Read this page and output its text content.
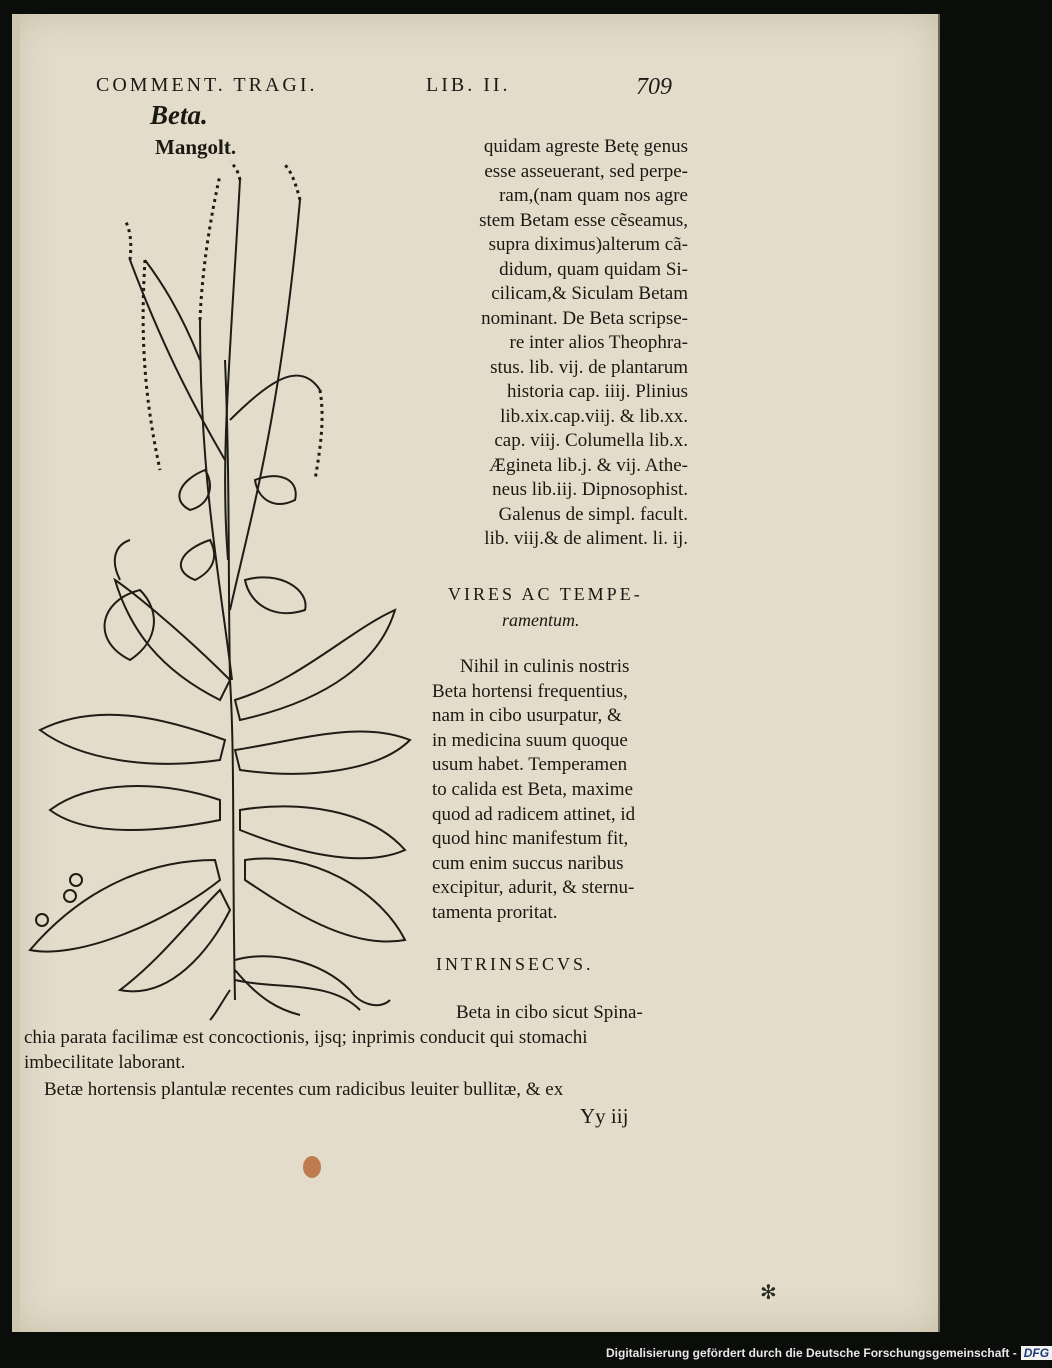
COMMENT. TRAGI.	LIB. II.	709
Beta.
Mangolt.	quidam agreste Betę genus
esse asseuerant, sed perpe-
ram,(nam quam nos agre
stem Betam esse cẽseamus,
supra diximus)alterum cã-
didum, quam quidam Si-
cilicam,& Siculam Betam
nominant. De Beta scripse-
re inter alios Theophra-
stus. lib. vij. de plantarum
historia cap. iiij. Plinius
lib.xix.cap.viij. & lib.xx.
cap. viij. Columella lib.x.
Ægineta lib.j. & vij. Athe-
neus lib.iij. Dipnosophist.
Galenus de simpl. facult.
lib. viij.& de aliment. li. ij.
VIRES AC TEMPE-
ramentum.
Nihil in culinis nostris
Beta hortensi frequentius,
nam in cibo usurpatur, &
in medicina suum quoque
usum habet. Temperamen
to calida est Beta, maxime
quod ad radicem attinet, id
quod hinc manifestum fit,
cum enim succus naribus
excipitur, adurit, & sternu-
tamenta proritat.
INTRINSECVS.
Beta in cibo sicut Spina-
chia parata facilimæ est concoctionis, ijsq; inprimis conducit qui stomachi
imbecilitate laborant.
Betæ hortensis plantulæ recentes cum radicibus leuiter bullitæ, & ex
Yy iij
✻
Digitalisierung gefördert durch die Deutsche Forschungsgemeinschaft - DFG
